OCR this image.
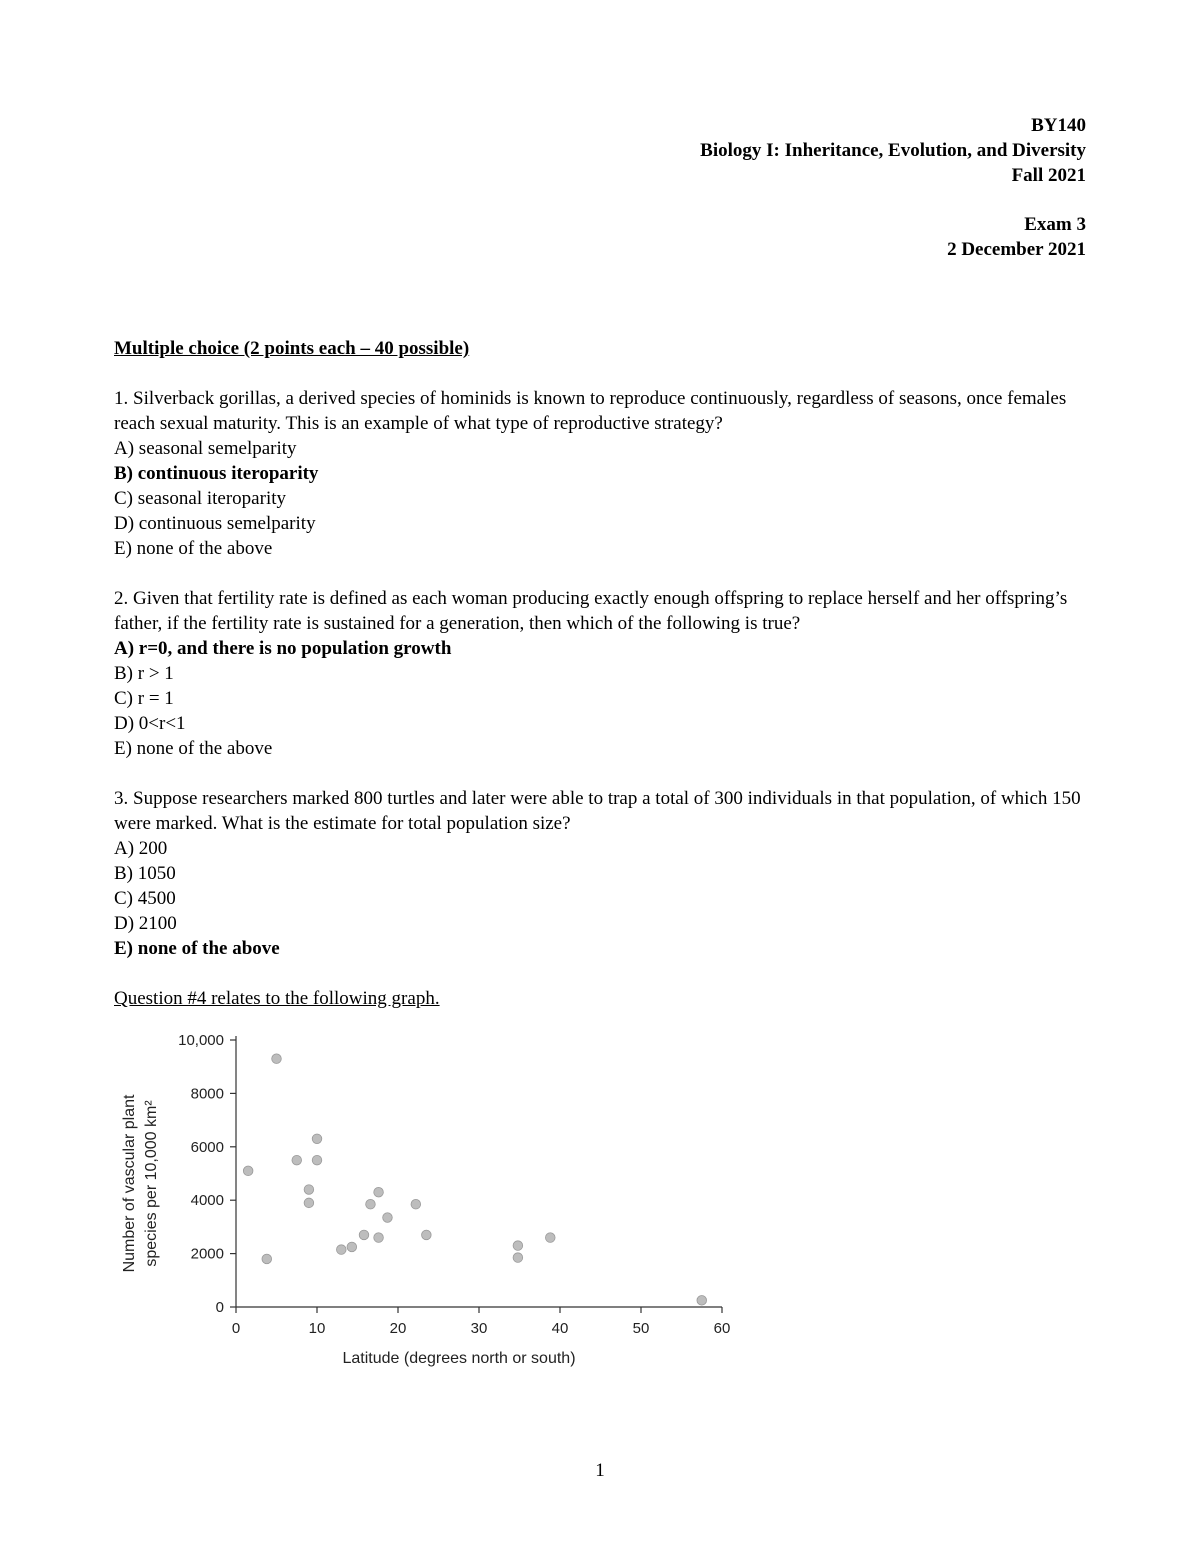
BY140
Biology I: Inheritance, Evolution, and Diversity
Fall 2021
Exam 3
2 December 2021
Multiple choice (2 points each – 40 possible)
1. Silverback gorillas, a derived species of hominids is known to reproduce continuously, regardless of seasons, once females reach sexual maturity. This is an example of what type of reproductive strategy?
A) seasonal semelparity
B) continuous iteroparity
C) seasonal iteroparity
D) continuous semelparity
E) none of the above
2. Given that fertility rate is defined as each woman producing exactly enough offspring to replace herself and her offspring’s father, if the fertility rate is sustained for a generation, then which of the following is true?
A) r=0, and there is no population growth
B) r > 1
C) r = 1
D) 0<r<1
E) none of the above
3. Suppose researchers marked 800 turtles and later were able to trap a total of 300 individuals in that population, of which 150 were marked. What is the estimate for total population size?
A) 200
B) 1050
C) 4500
D) 2100
E) none of the above
Question #4 relates to the following graph.
0
2000
4000
6000
8000
10,000
0	10	20	30	40	50	60
Latitude (degrees north or south)
Number of vascular plant species per 10,000 km²
1
